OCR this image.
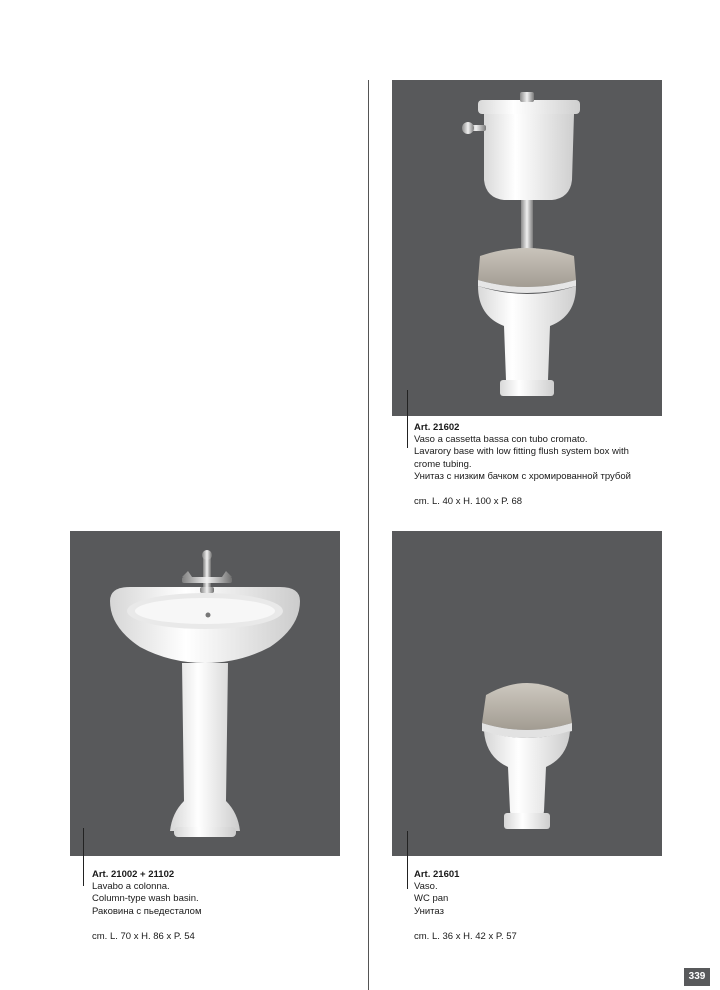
Art. 21602
Vaso a cassetta bassa con tubo cromato.
Lavarory base with low fitting flush system box with
crome tubing.
Унитаз с низким бачком с хромированной трубой
cm. L. 40 x H. 100 x P. 68
Art. 21002 + 21102
Lavabo a colonna.
Column-type wash basin.
Раковина с пьедесталом
cm. L. 70 x H. 86 x P. 54
Art. 21601
Vaso.
WC pan
Унитаз
cm. L. 36 x H. 42 x P. 57
339
